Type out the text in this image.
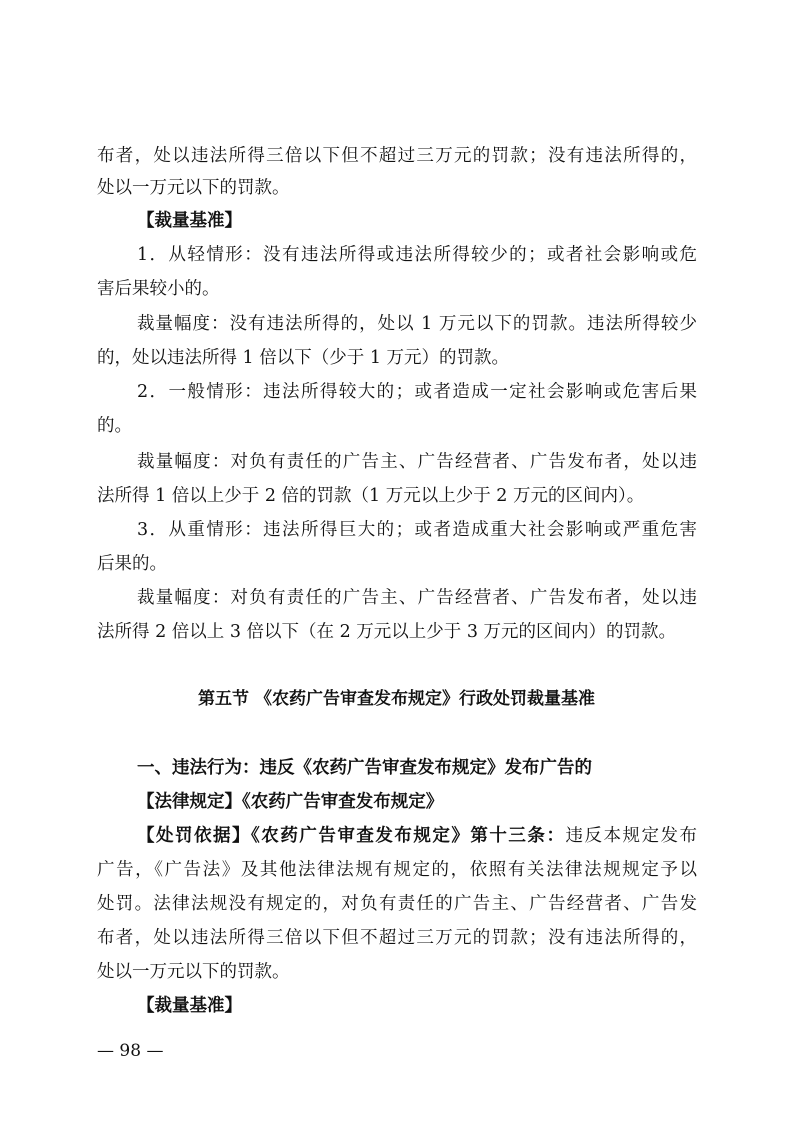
布者，处以违法所得三倍以下但不超过三万元的罚款；没有违法所得的，
处以一万元以下的罚款。
【裁量基准】
1．从轻情形：没有违法所得或违法所得较少的；或者社会影响或危
害后果较小的。
裁量幅度：没有违法所得的，处以 1 万元以下的罚款。违法所得较少
的，处以违法所得 1 倍以下（少于 1 万元）的罚款。
2．一般情形：违法所得较大的；或者造成一定社会影响或危害后果
的。
裁量幅度：对负有责任的广告主、广告经营者、广告发布者，处以违
法所得 1 倍以上少于 2 倍的罚款（1 万元以上少于 2 万元的区间内）。
3．从重情形：违法所得巨大的；或者造成重大社会影响或严重危害
后果的。
裁量幅度：对负有责任的广告主、广告经营者、广告发布者，处以违
法所得 2 倍以上 3 倍以下（在 2 万元以上少于 3 万元的区间内）的罚款。
第五节 《农药广告审查发布规定》行政处罚裁量基准
一、违法行为：违反《农药广告审查发布规定》发布广告的
【法律规定】《农药广告审查发布规定》
【处罚依据】《农药广告审查发布规定》第十三条：违反本规定发布
广告，《广告法》及其他法律法规有规定的，依照有关法律法规规定予以
处罚。法律法规没有规定的，对负有责任的广告主、广告经营者、广告发
布者，处以违法所得三倍以下但不超过三万元的罚款；没有违法所得的，
处以一万元以下的罚款。
【裁量基准】
— 98 —
